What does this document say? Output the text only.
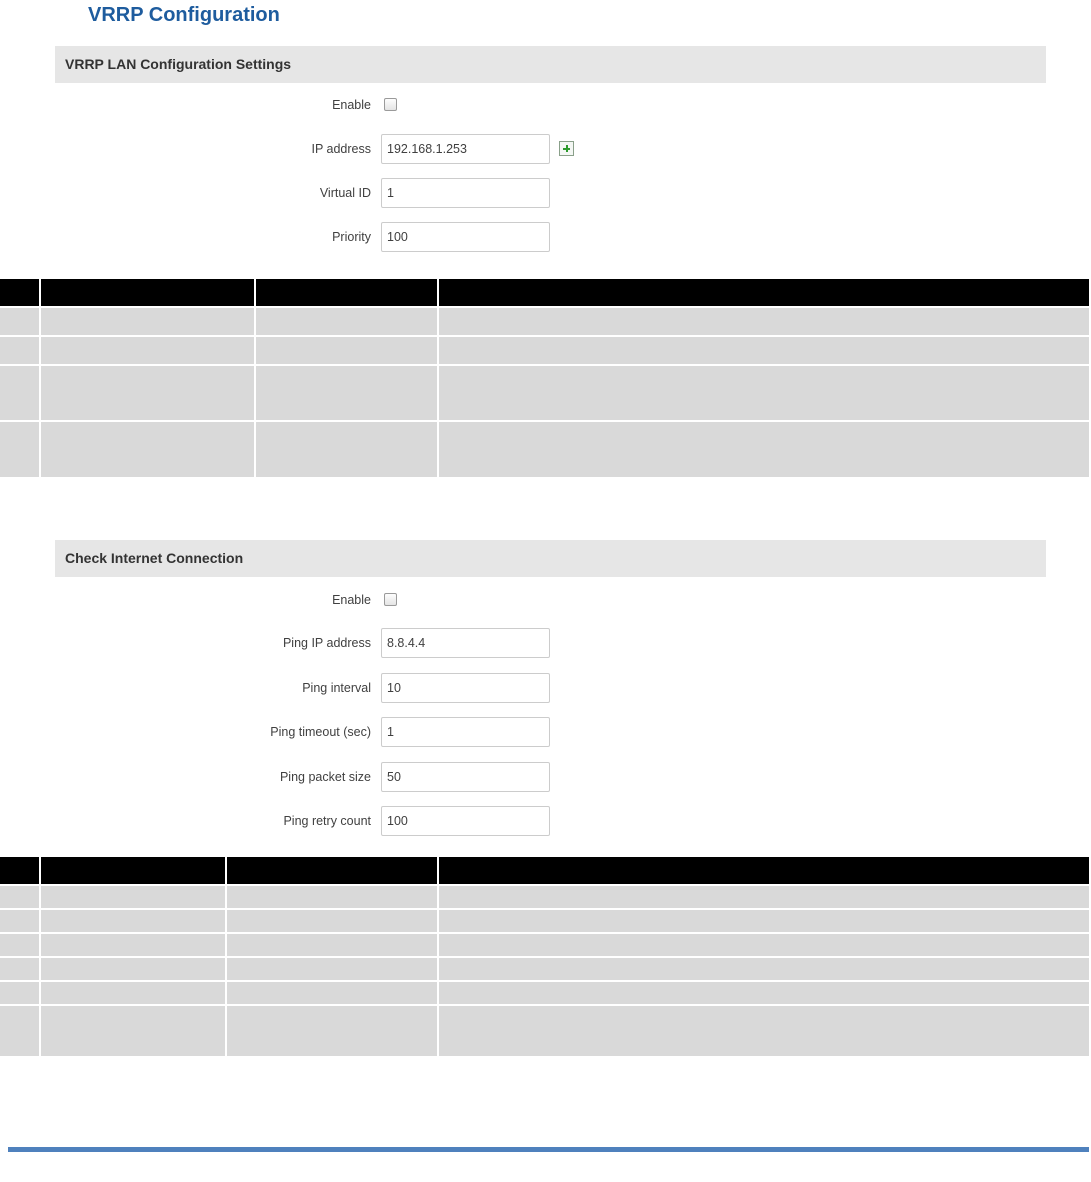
VRRP Configuration
VRRP LAN Configuration Settings
Enable
IP address
192.168.1.253
Virtual ID
1
Priority
100

Check Internet Connection
Enable
Ping IP address
8.8.4.4
Ping interval
10
Ping timeout (sec)
1
Ping packet size
50
Ping retry count
100
